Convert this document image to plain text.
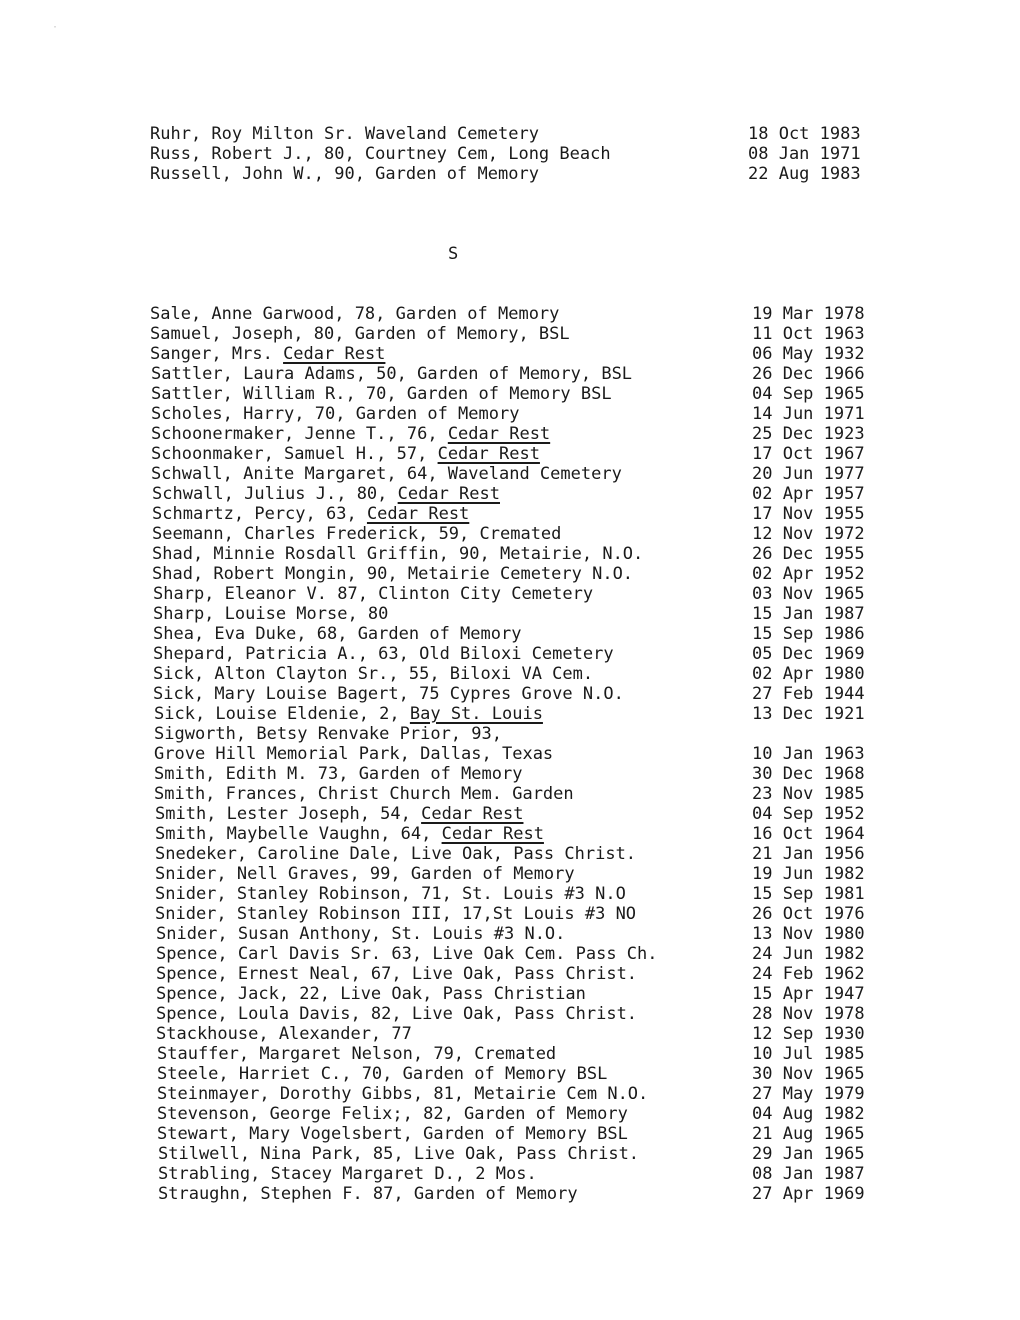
·
Ruhr, Roy Milton Sr. Waveland Cemetery	18 Oct 1983
Russ, Robert J., 80, Courtney Cem, Long Beach	08 Jan 1971
Russell, John W., 90, Garden of Memory	22 Aug 1983
S
Sale, Anne Garwood, 78, Garden of Memory	19 Mar 1978
Samuel, Joseph, 80, Garden of Memory, BSL	11 Oct 1963
Sanger, Mrs. Cedar Rest	06 May 1932
Sattler, Laura Adams, 50, Garden of Memory, BSL	26 Dec 1966
Sattler, William R., 70, Garden of Memory BSL	04 Sep 1965
Scholes, Harry, 70, Garden of Memory	14 Jun 1971
Schoonermaker, Jenne T., 76, Cedar Rest	25 Dec 1923
Schoonmaker, Samuel H., 57, Cedar Rest	17 Oct 1967
Schwall, Anite Margaret, 64, Waveland Cemetery	20 Jun 1977
Schwall, Julius J., 80, Cedar Rest	02 Apr 1957
Schmartz, Percy, 63, Cedar Rest	17 Nov 1955
Seemann, Charles Frederick, 59, Cremated	12 Nov 1972
Shad, Minnie Rosdall Griffin, 90, Metairie, N.O.	26 Dec 1955
Shad, Robert Mongin, 90, Metairie Cemetery N.O.	02 Apr 1952
Sharp, Eleanor V. 87, Clinton City Cemetery	03 Nov 1965
Sharp, Louise Morse, 80	15 Jan 1987
Shea, Eva Duke, 68, Garden of Memory	15 Sep 1986
Shepard, Patricia A., 63, Old Biloxi Cemetery	05 Dec 1969
Sick, Alton Clayton Sr., 55, Biloxi VA Cem.	02 Apr 1980
Sick, Mary Louise Bagert, 75 Cypres Grove N.O.	27 Feb 1944
Sick, Louise Eldenie, 2, Bay St. Louis	13 Dec 1921
Sigworth, Betsy Renvake Prior, 93,
Grove Hill Memorial Park, Dallas, Texas	10 Jan 1963
Smith, Edith M. 73, Garden of Memory	30 Dec 1968
Smith, Frances, Christ Church Mem. Garden	23 Nov 1985
Smith, Lester Joseph, 54, Cedar Rest	04 Sep 1952
Smith, Maybelle Vaughn, 64, Cedar Rest	16 Oct 1964
Snedeker, Caroline Dale, Live Oak, Pass Christ.	21 Jan 1956
Snider, Nell Graves, 99, Garden of Memory	19 Jun 1982
Snider, Stanley Robinson, 71, St. Louis #3 N.O	15 Sep 1981
Snider, Stanley Robinson III, 17,St Louis #3 NO	26 Oct 1976
Snider, Susan Anthony, St. Louis #3 N.O.	13 Nov 1980
Spence, Carl Davis Sr. 63, Live Oak Cem. Pass Ch.	24 Jun 1982
Spence, Ernest Neal, 67, Live Oak, Pass Christ.	24 Feb 1962
Spence, Jack, 22, Live Oak, Pass Christian	15 Apr 1947
Spence, Loula Davis, 82, Live Oak, Pass Christ.	28 Nov 1978
Stackhouse, Alexander, 77	12 Sep 1930
Stauffer, Margaret Nelson, 79, Cremated	10 Jul 1985
Steele, Harriet C., 70, Garden of Memory BSL	30 Nov 1965
Steinmayer, Dorothy Gibbs, 81, Metairie Cem N.O.	27 May 1979
Stevenson, George Felix;, 82, Garden of Memory	04 Aug 1982
Stewart, Mary Vogelsbert, Garden of Memory BSL	21 Aug 1965
Stilwell, Nina Park, 85, Live Oak, Pass Christ.	29 Jan 1965
Strabling, Stacey Margaret D., 2 Mos.	08 Jan 1987
Straughn, Stephen F. 87, Garden of Memory	27 Apr 1969
